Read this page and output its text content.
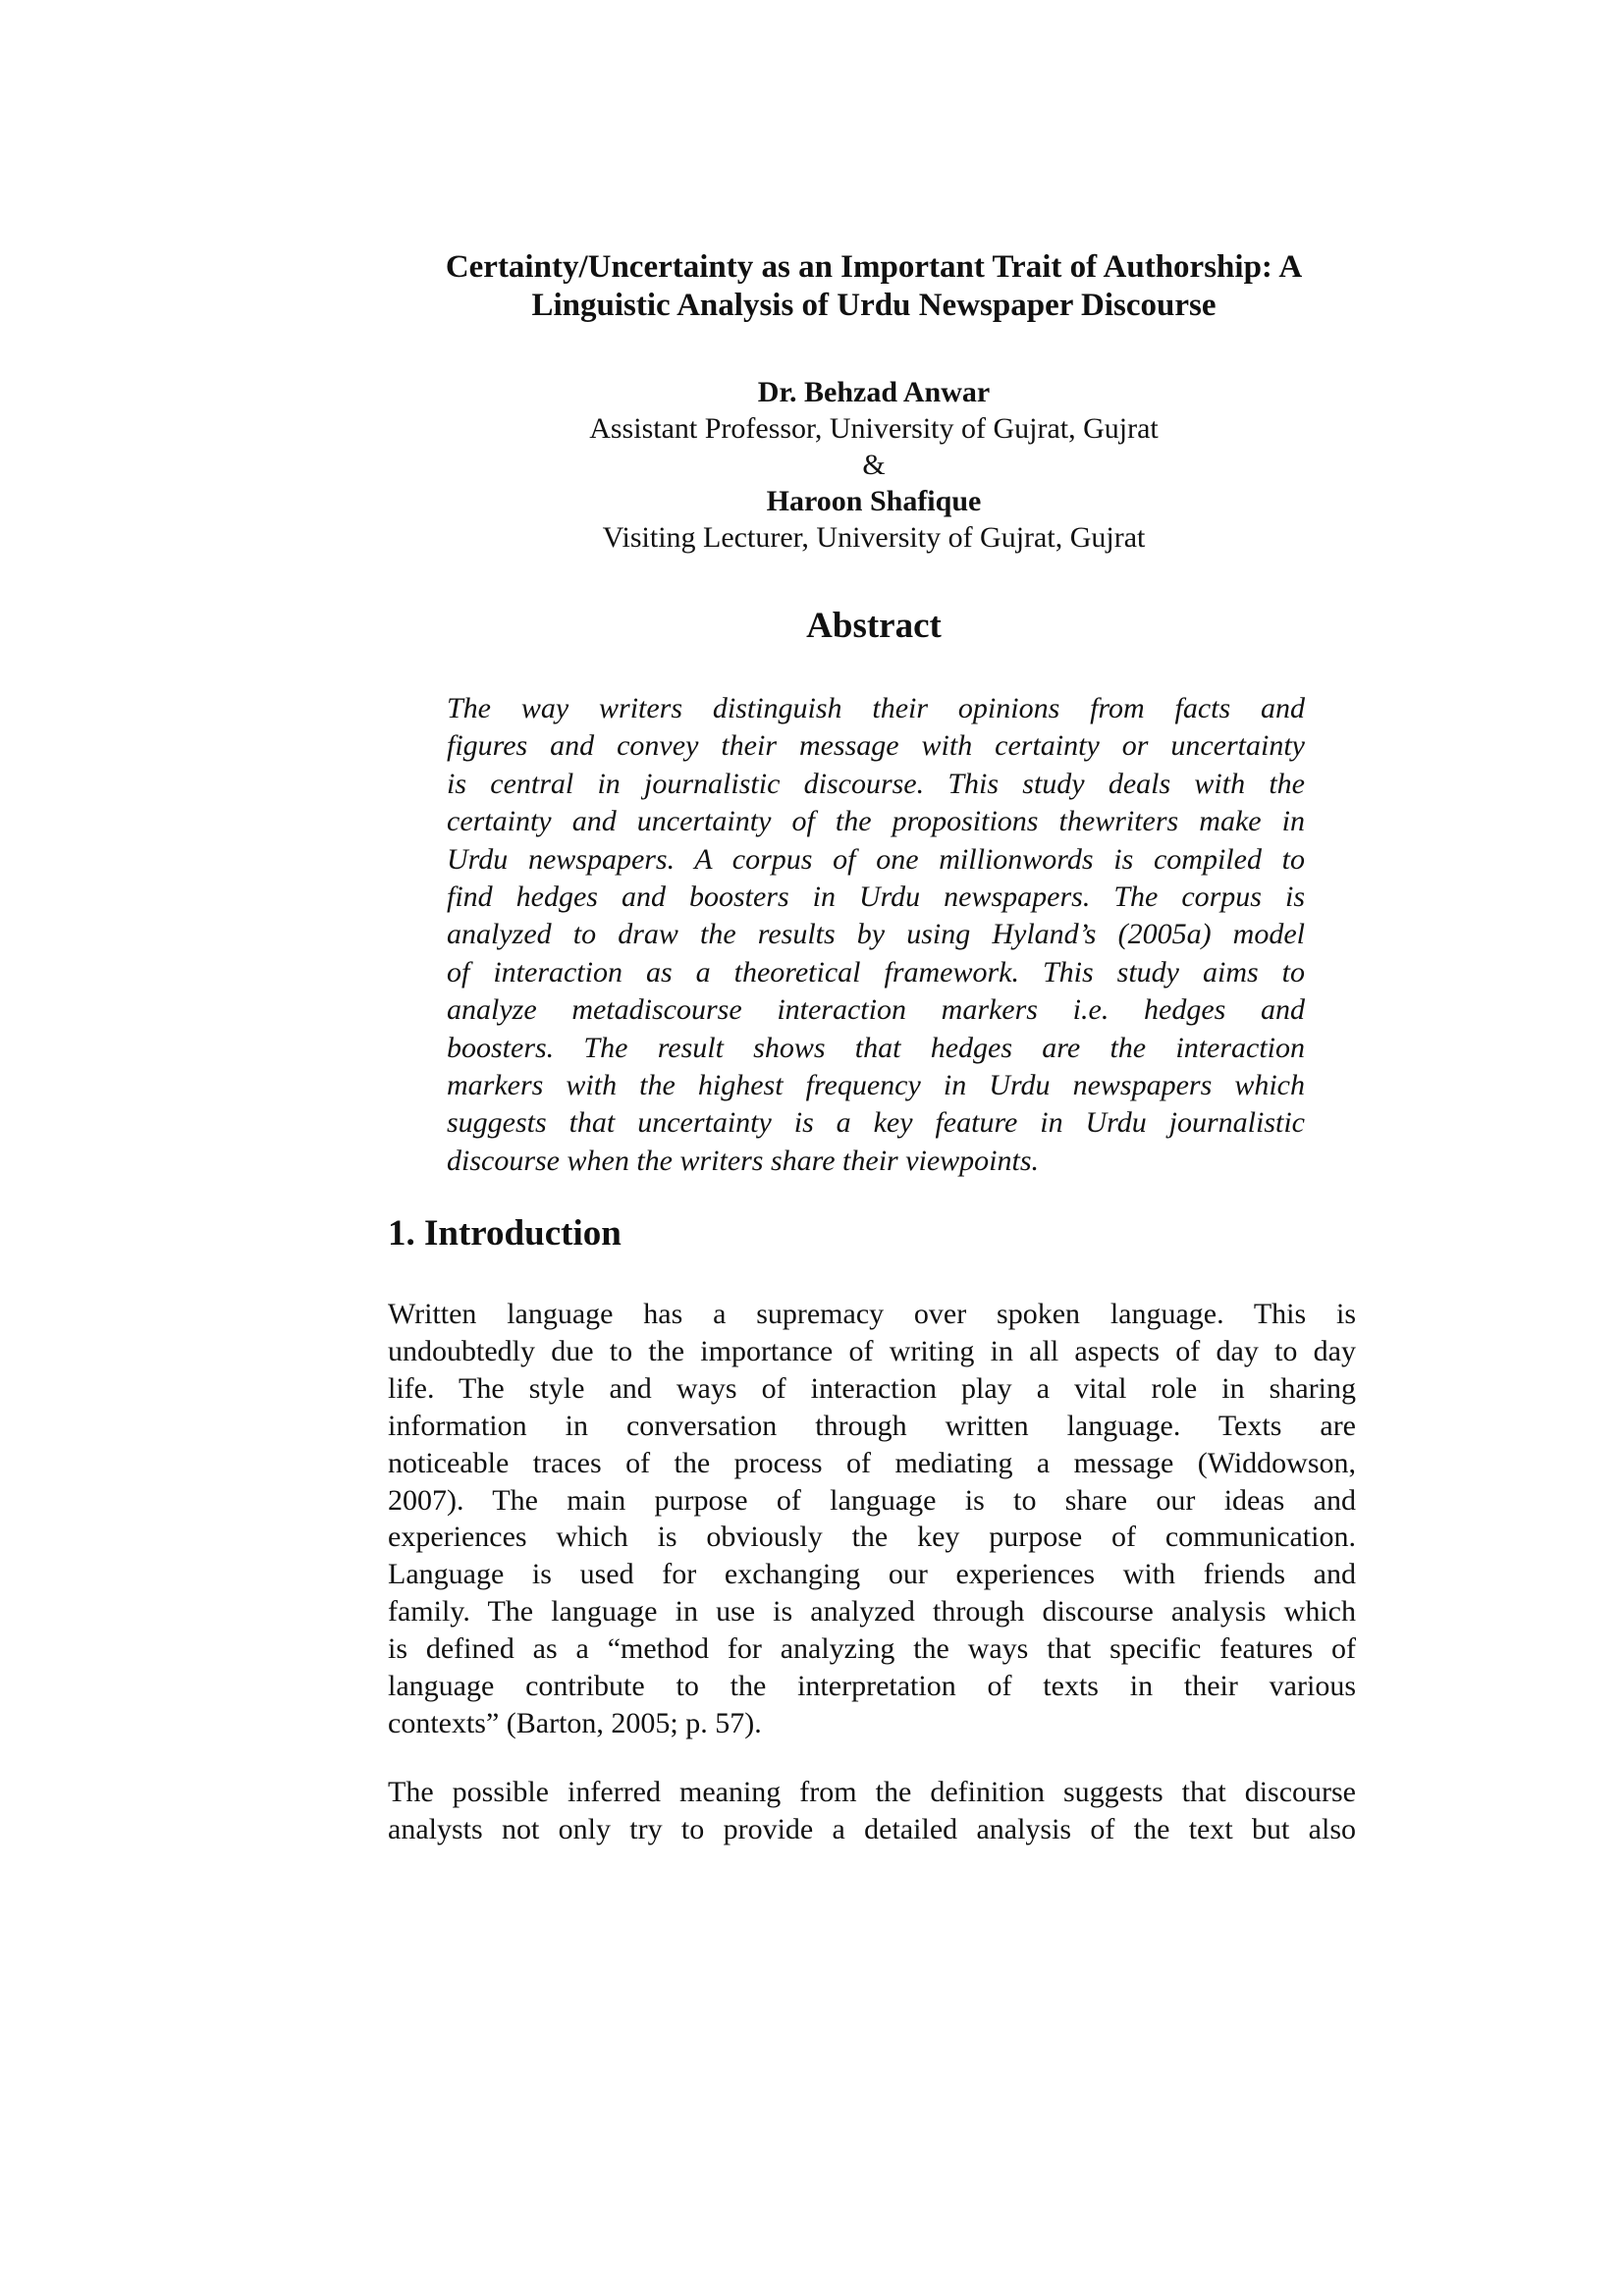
Certainty/Uncertainty as an Important Trait of Authorship: A
Linguistic Analysis of Urdu Newspaper Discourse
Dr. Behzad Anwar
Assistant Professor, University of Gujrat, Gujrat
&
Haroon Shafique
Visiting Lecturer, University of Gujrat, Gujrat
Abstract
The way writers distinguish their opinions from facts and
figures and convey their message with certainty or uncertainty
is central in journalistic discourse. This study deals with the
certainty and uncertainty of the propositions thewriters make in
Urdu newspapers. A corpus of one millionwords is compiled to
find hedges and boosters in Urdu newspapers. The corpus is
analyzed to draw the results by using Hyland’s (2005a) model
of interaction as a theoretical framework. This study aims to
analyze metadiscourse interaction markers i.e. hedges and
boosters. The result shows that hedges are the interaction
markers with the highest frequency in Urdu newspapers which
suggests that uncertainty is a key feature in Urdu journalistic
discourse when the writers share their viewpoints.
1. Introduction
Written language has a supremacy over spoken language. This is
undoubtedly due to the importance of writing in all aspects of day to day
life. The style and ways of interaction play a vital role in sharing
information in conversation through written language. Texts are
noticeable traces of the process of mediating a message (Widdowson,
2007). The main purpose of language is to share our ideas and
experiences which is obviously the key purpose of communication.
Language is used for exchanging our experiences with friends and
family. The language in use is analyzed through discourse analysis which
is defined as a “method for analyzing the ways that specific features of
language contribute to the interpretation of texts in their various
contexts” (Barton, 2005; p. 57).
The possible inferred meaning from the definition suggests that discourse
analysts not only try to provide a detailed analysis of the text but also
